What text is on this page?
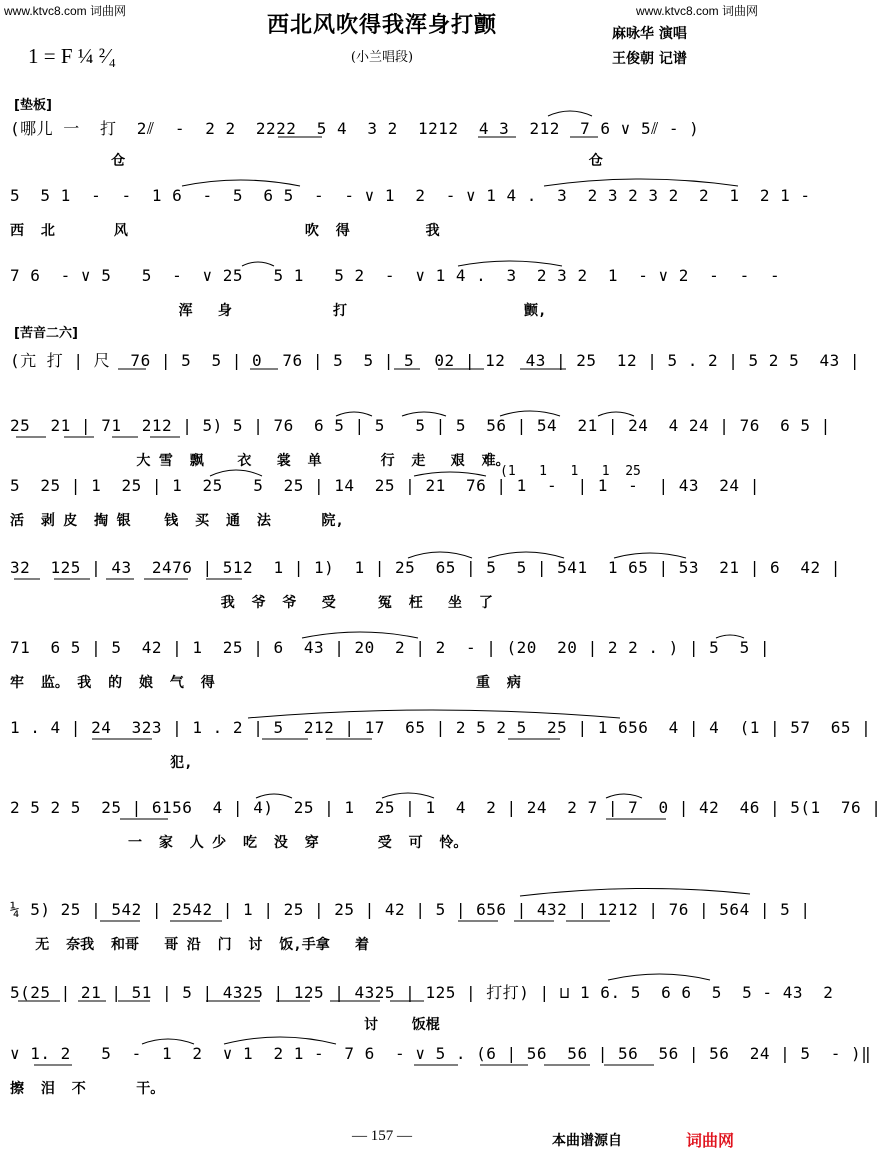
www.ktvc8.com 词曲网	www.ktvc8.com 词曲网
西北风吹得我浑身打颤
1 = F ¼ ²⁄₄	(小兰唱段)
麻咏华 演唱
王俊朝 记谱
[垫板]
[苦音二六]
(哪儿 一  打  2⫽  -  2 2  2222  5 4  3 2  1212  4 3  212  7 6 ∨ 5⫽ - )
仓                                                       仓
5  5 1  -  -  1 6  -  5  6 5  -  - ∨ 1  2  - ∨ 1 4 .  3  2 3 2 3 2  2  1  2 1 -
西  北       风                     吹  得         我
7 6  - ∨ 5   5  -  ∨ 25   5 1   5 2  -  ∨ 1 4 .  3  2 3 2  1  - ∨ 2  -  -  -
浑   身            打                     颤,
(亢 打 | 尺  76 | 5  5 | 0  76 | 5  5 | 5  02 | 12  43 | 25  12 | 5 . 2 | 5 2 5  43 |
25  21 | 71  212 | 5) 5 | 76  6 5 | 5   5 | 5  56 | 54  21 | 24  4 24 | 76  6 5 |
大 雪  飘    衣   裳  单       行  走   艰  难。
(1   1   1   1  25
5  25 | 1  25 | 1  25   5  25 | 14  25 | 21  76 | 1  -  | 1  -  | 43  24 |
活  剥 皮  掏 银    钱  买  通  法      院,
32  125 | 43  2476 | 512  1 | 1)  1 | 25  65 | 5  5 | 541  1 65 | 53  21 | 6  42 |
我  爷  爷   受     冤  枉   坐  了
71  6 5 | 5  42 | 1  25 | 6  43 | 20  2 | 2  - | (20  20 | 2 2 . ) | 5  5 |
牢  监。 我  的  娘  气  得                               重  病
1 . 4 | 24  323 | 1 . 2 | 5  212 | 17  65 | 2 5 2 5  25 | 1 656  4 | 4  (1 | 57  65 |
犯,
2 5 2 5  25 | 6156  4 | 4)  25 | 1  25 | 1  4  2 | 24  2 7 | 7  0 | 42  46 | 5(1  76 |
一  家  人 少  吃  没  穿       受  可  怜。
¼ 5) 25 | 542 | 2542 | 1 | 25 | 25 | 42 | 5 | 656 | 432 | 1212 | 76 | 564 | 5 |
无  奈我  和哥   哥 沿  门  讨  饭,手拿   着
5(25 | 21 | 51 | 5 | 4325 | 125 | 4325 | 125 | 打打) | ⊔ 1 6. 5  6 6  5  5 - 43  2
讨    饭棍
∨ 1. 2   5  -  1  2  ∨ 1  2 1 -  7 6  - ∨ 5 . (6 | 56  56 | 56  56 | 56  24 | 5  - )‖
擦  泪  不      干。
— 157 —	本曲谱源自	词曲网
